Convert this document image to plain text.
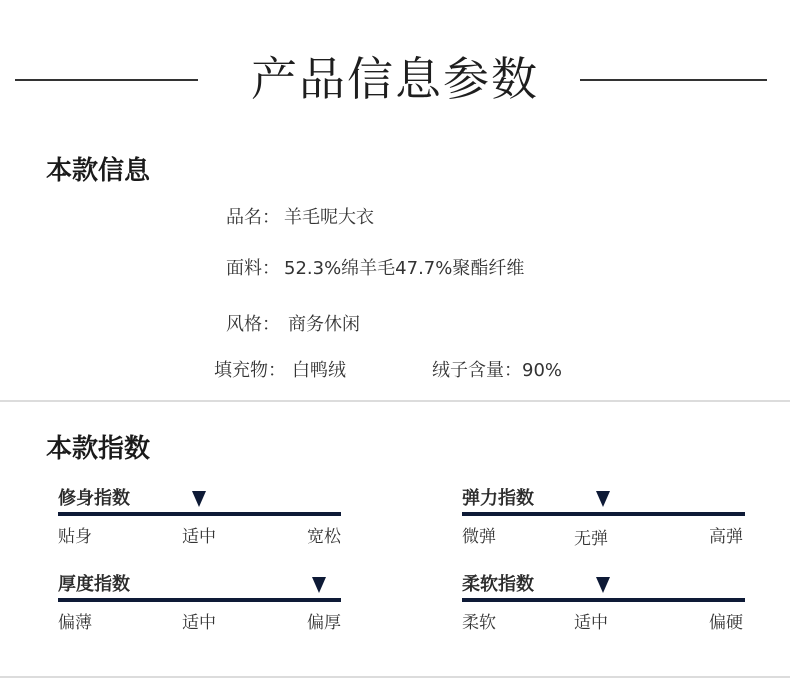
产品信息参数
本款信息
品名： 羊毛呢大衣
面料： 52.3%绵羊毛47.7%聚酯纤维
风格： 商务休闲
填充物： 白鸭绒	绒子含量：90%
本款指数
修身指数
贴身	适中	宽松
弹力指数
微弹	无弹	高弹
厚度指数
偏薄	适中	偏厚
柔软指数
柔软	适中	偏硬
